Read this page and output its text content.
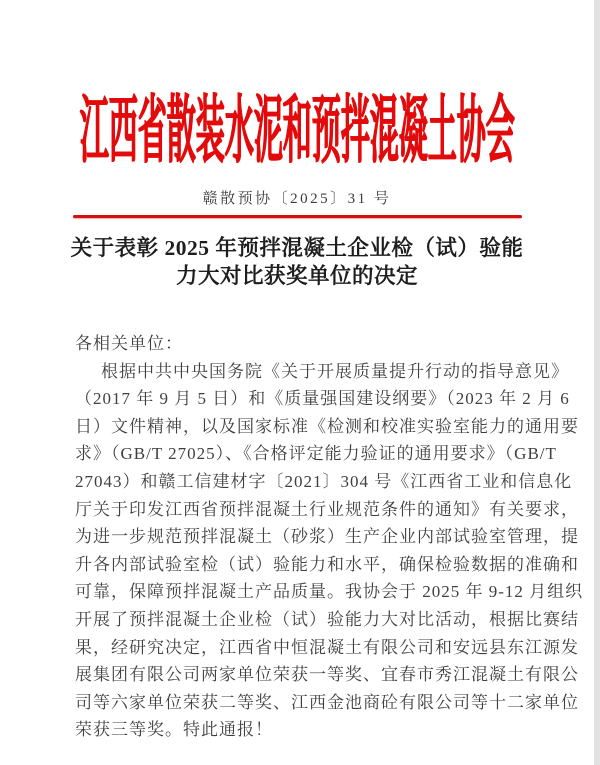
江西省散装水泥和预拌混凝土协会
赣散预协〔2025〕31 号
关于表彰 2025 年预拌混凝土企业检（试）验能
力大对比获奖单位的决定
各相关单位：
根据中共中央国务院《关于开展质量提升行动的指导意见》
（2017 年 9 月 5 日）和《质量强国建设纲要》（2023 年 2 月 6
日）文件精神，以及国家标准《检测和校准实验室能力的通用要
求》（GB/T 27025）、《合格评定能力验证的通用要求》（GB/T
27043）和赣工信建材字〔2021〕304 号《江西省工业和信息化
厅关于印发江西省预拌混凝土行业规范条件的通知》有关要求，
为进一步规范预拌混凝土（砂浆）生产企业内部试验室管理，提
升各内部试验室检（试）验能力和水平，确保检验数据的准确和
可靠，保障预拌混凝土产品质量。我协会于 2025 年 9-12 月组织
开展了预拌混凝土企业检（试）验能力大对比活动，根据比赛结
果，经研究决定，江西省中恒混凝土有限公司和安远县东江源发
展集团有限公司两家单位荣获一等奖、宜春市秀江混凝土有限公
司等六家单位荣获二等奖、江西金池商砼有限公司等十二家单位
荣获三等奖。特此通报！
